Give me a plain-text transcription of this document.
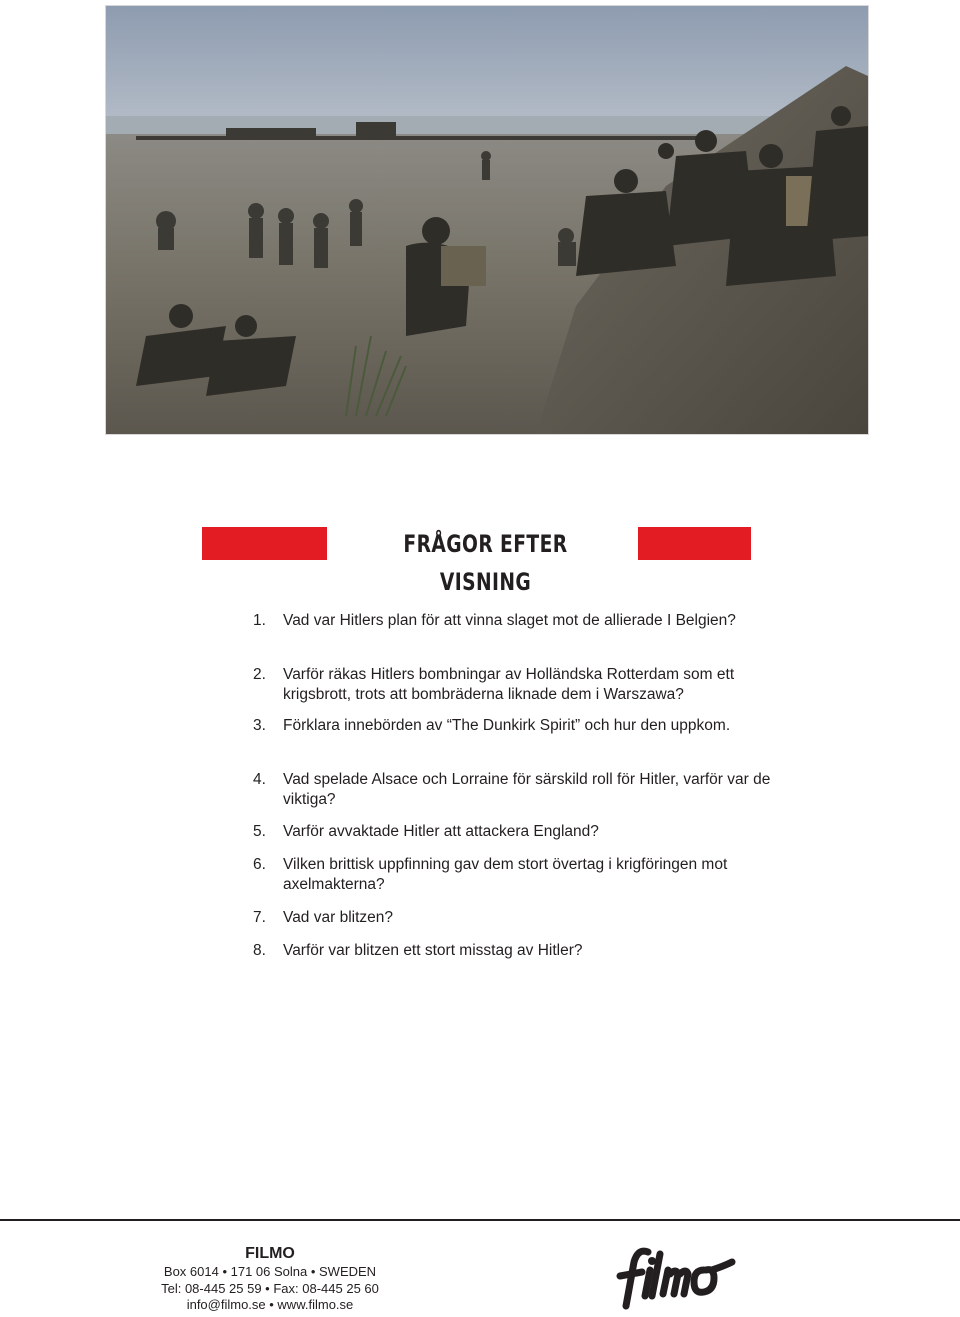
FRÅGOR EFTER VISNING
1. Vad var Hitlers plan för att vinna slaget mot de allierade I Belgien?
2. Varför räkas Hitlers bombningar av Holländska Rotterdam som ett krigsbrott, trots att bombräderna liknade dem i Warszawa?
3. Förklara innebörden av “The Dunkirk Spirit” och hur den uppkom.
4. Vad spelade Alsace och Lorraine för särskild roll för Hitler, varför var de viktiga?
5. Varför avvaktade Hitler att attackera England?
6. Vilken brittisk uppfinning gav dem stort övertag i krigföringen mot axelmakterna?
7. Vad var blitzen?
8. Varför var blitzen ett stort misstag av Hitler?
FILMO
Box 6014 • 171 06 Solna • SWEDEN
Tel: 08-445 25 59 • Fax: 08-445 25 60
info@filmo.se • www.filmo.se
